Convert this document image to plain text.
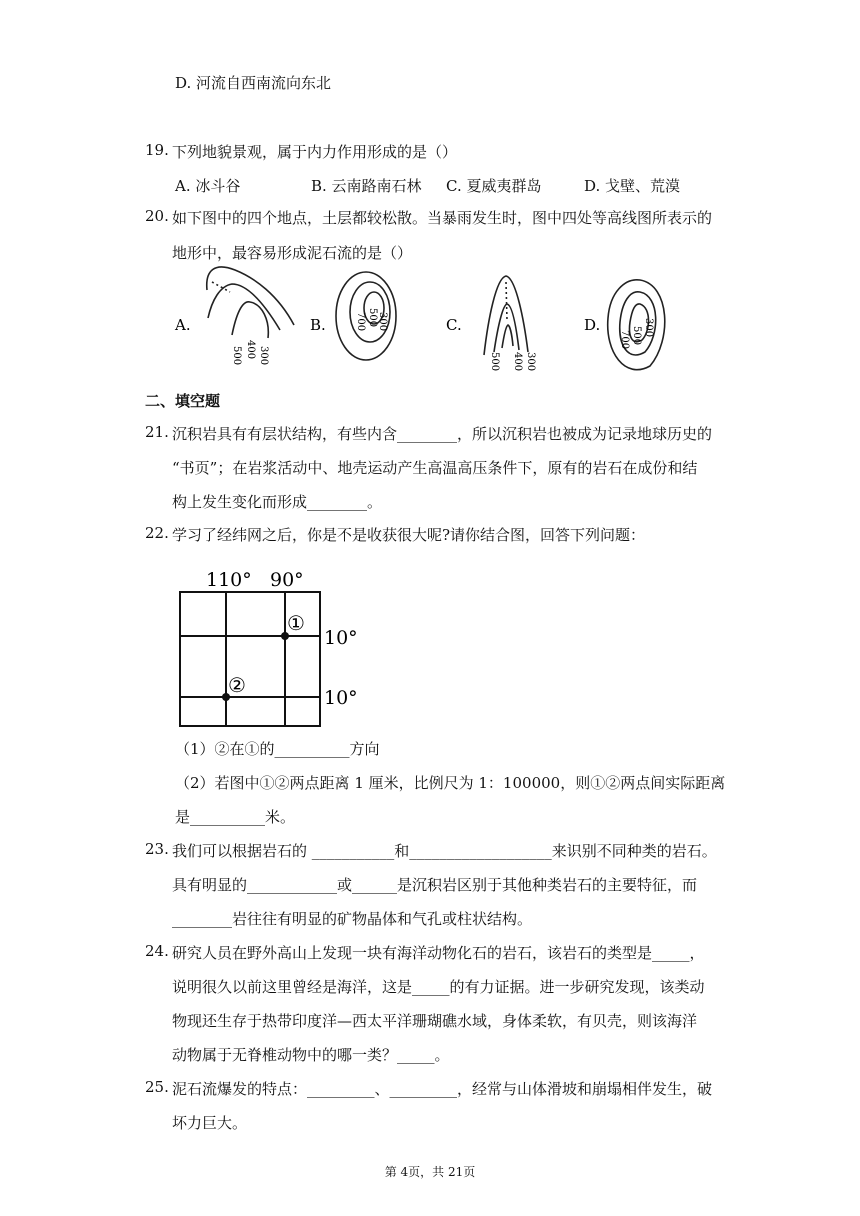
D. 河流自西南流向东北
19. 下列地貌景观，属于内力作用形成的是（）
A. 冰斗谷	B. 云南路南石林 C. 夏威夷群岛	D. 戈壁、荒漠
20. 如下图中的四个地点，土层都较松散。当暴雨发生时，图中四处等高线图所表示的
地形中，最容易形成泥石流的是（）
A.
500 400 300
B.	300
500
700	C.
500 400 300
D.
700 500 300
二、填空题
21. 沉积岩具有有层状结构，有些内含________，所以沉积岩也被成为记录地球历史的
“书页”；在岩浆活动中、地壳运动产生高温高压条件下，原有的岩石在成份和结
构上发生变化而形成________。
22. 学习了经纬网之后，你是不是收获很大呢?请你结合图，回答下列问题：
110° 90°
10°
10°
①
②
（1）②在①的__________方向
（2）若图中①②两点距离 1 厘米，比例尺为 1：100000，则①②两点间实际距离
是__________米。
23. 我们可以根据岩石的 ___________和___________________来识别不同种类的岩石。
具有明显的____________或______是沉积岩区别于其他种类岩石的主要特征，而
________岩往往有明显的矿物晶体和气孔或柱状结构。
24. 研究人员在野外高山上发现一块有海洋动物化石的岩石，该岩石的类型是_____，
说明很久以前这里曾经是海洋，这是_____的有力证据。进一步研究发现，该类动
物现还生存于热带印度洋—西太平洋珊瑚礁水域，身体柔软，有贝壳，则该海洋
动物属于无脊椎动物中的哪一类？_____。
25. 泥石流爆发的特点：_________、_________，经常与山体滑坡和崩塌相伴发生，破
坏力巨大。
第 4页，共 21页
